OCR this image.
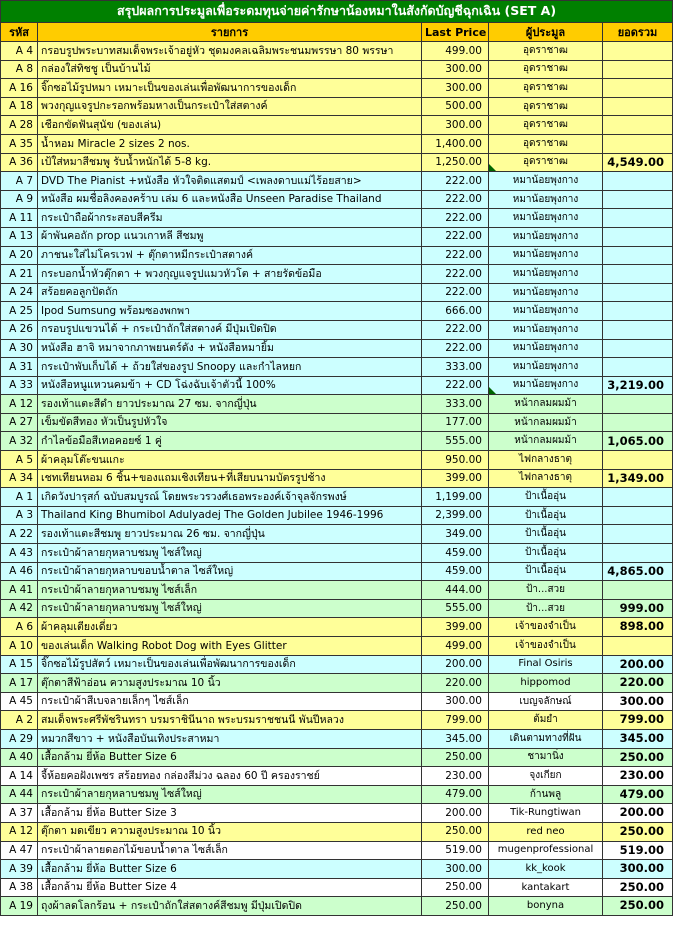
สรุปผลการประมูลเพื่อระดมทุนจ่ายค่ารักษาน้องหมาในสังกัดบัญชีฉุกเฉิน (SET A)				
รหัส	รายการ	Last Price	ผู้ประมูล	ยอดรวม
A 4	กรอบรูปพระบาทสมเด็จพระเจ้าอยู่หัว ชุดมงคลเฉลิมพระชนมพรรษา 80 พรรษา	499.00	อุดราชาฒ	
A 8	กล่องใส่ทิชชู เป็นบ้านไม้	300.00	อุดราชาฒ	
A 16	จิ๊กซอไม้รูปหมา เหมาะเป็นของเล่นเพื่อพัฒนาการของเด็ก	300.00	อุดราชาฒ	
A 18	พวงกุญแจรูปกะรอกพร้อมหางเป็นกระเป๋าใส่สตางค์	500.00	อุดราชาฒ	
A 28	เชือกขัดฟันสุนัข (ของเล่น)	300.00	อุดราชาฒ	
A 35	น้ำหอม Miracle 2 sizes 2 nos.	1,400.00	อุดราชาฒ	
A 36	เป้ใส่หมาสีชมพู รับน้ำหนักได้ 5-8 kg.	1,250.00	อุดราชาฒ	4,549.00
A 7	DVD The Pianist +หนังสือ หัวใจติดแสตมป์ <เพลงดาบแม่ไร้อยสาย>	222.00	หมาน้อยพุงกาง	
A 9	หนังสือ ผมชื่อลิงคองคร้าบ เล่ม 6 และหนังสือ Unseen Paradise Thailand	222.00	หมาน้อยพุงกาง	
A 11	กระเป๋าถือผ้ากระสอบสีครีม	222.00	หมาน้อยพุงกาง	
A 13	ผ้าพันคอถัก prop แนวเกาหลี สีชมพู	222.00	หมาน้อยพุงกาง	
A 20	ภาชนะใส่ไม่โครเวฟ + ตุ๊กตาหมีกระเป๋าสตางค์	222.00	หมาน้อยพุงกาง	
A 21	กระบอกน้ำหัวตุ๊กตา + พวงกุญแจรูปแมวหัวโต + สายรัดข้อมือ	222.00	หมาน้อยพุงกาง	
A 24	สร้อยคอลูกปัดถัก	222.00	หมาน้อยพุงกาง	
A 25	Ipod Sumsung พร้อมซองพกพา	666.00	หมาน้อยพุงกาง	
A 26	กรอบรูปแขวนได้ + กระเป๋าถักใส่สตางค์ มีปุ่มเปิดปิด	222.00	หมาน้อยพุงกาง	
A 30	หนังสือ ฮาจิ หมาจากภาพยนตร์ดัง + หนังสือหมายิ้ม	222.00	หมาน้อยพุงกาง	
A 31	กระเป๋าพับเก็บได้ + ถ้วยใส่ของรูป Snoopy และกำไลหยก	333.00	หมาน้อยพุงกาง	
A 33	หนังสือหนูแหวนคมข้า + CD โฉ่งฉับเจ้าตัวนี้ 100%	222.00	หมาน้อยพุงกาง	3,219.00
A 12	รองเท้าแตะสีดำ ยาวประมาณ 27 ซม. จากญี่ปุ่น	333.00	หน้ากลมผมม้า	
A 27	เข็มขัดสีทอง หัวเป็นรูปหัวใจ	177.00	หน้ากลมผมม้า	
A 32	กำไลข้อมือสีเทอคอยซ์ 1 คู่	555.00	หน้ากลมผมม้า	1,065.00
A 5	ผ้าคลุมโต๊ะขนแกะ	950.00	ไฟกลางธาตุ	
A 34	เชทเทียนหอม 6 ชิ้น+ของแถมเชิงเทียน+ที่เสียบนามบัตรรูปช้าง	399.00	ไฟกลางธาตุ	1,349.00
A 1	เกิดวังปารุสก์ ฉบับสมบูรณ์ โดยพระวรวงศ์เธอพระองค์เจ้าจุลจักรพงษ์	1,199.00	ป้าเนื้ออุ่น	
A 3	Thailand King Bhumibol Adulyadej The Golden Jubilee 1946-1996	2,399.00	ป้าเนื้ออุ่น	
A 22	รองเท้าแตะสีชมพู ยาวประมาณ 26 ซม. จากญี่ปุ่น	349.00	ป้าเนื้ออุ่น	
A 43	กระเป๋าผ้าลายกุหลาบชมพู ไซส์ใหญ่	459.00	ป้าเนื้ออุ่น	
A 46	กระเป๋าผ้าลายกุหลาบขอบน้ำตาล ไซส์ใหญ่	459.00	ป้าเนื้ออุ่น	4,865.00
A 41	กระเป๋าผ้าลายกุหลาบชมพู ไซส์เล็ก	444.00	ป้า...สวย	
A 42	กระเป๋าผ้าลายกุหลาบชมพู ไซส์ใหญ่	555.00	ป้า...สวย	999.00
A 6	ผ้าคลุมเตียงเดี่ยว	399.00	เจ้าของจำเป็น	898.00
A 10	ของเล่นเด็ก Walking Robot Dog with Eyes Glitter	499.00	เจ้าของจำเป็น	
A 15	จิ๊กซอไม้รูปสัตว์ เหมาะเป็นของเล่นเพื่อพัฒนาการของเด็ก	200.00	Final Osiris	200.00
A 17	ตุ๊กตาสีฟ้าอ่อน ความสูงประมาณ 10 นิ้ว	220.00	hippomod	220.00
A 45	กระเป๋าผ้าสีเบจลายเล็กๆ ไซส์เล็ก	300.00	เบญจลักษณ์	300.00
A 2	สมเด็จพระศรีพัชรินทรา บรมราชินีนาถ พระบรมราชชนนี พันปีหลวง	799.00	ต้มยำ	799.00
A 29	หมวกสีขาว + หนังสือบันเทิงประสาหมา	345.00	เดินตามทางที่ฝัน	345.00
A 40	เสื้อกล้าม ยี่ห้อ Butter Size 6	250.00	ชามานิ่ง	250.00
A 14	จี้ห้อยคอฝังเพชร สร้อยทอง กล่องสีม่วง ฉลอง 60 ปี ครองราชย์	230.00	จุงเกียก	230.00
A 44	กระเป๋าผ้าลายกุหลาบชมพู ไซส์ใหญ่	479.00	ก้านพลู	479.00
A 37	เสื้อกล้าม ยี่ห้อ Butter Size 3	200.00	Tik-Rungtiwan	200.00
A 12	ตุ๊กตา มดเขียว ความสูงประมาณ 10 นิ้ว	250.00	red neo	250.00
A 47	กระเป๋าผ้าลายดอกไม้ขอบน้ำตาล ไซส์เล็ก	519.00	mugenprofessional	519.00
A 39	เสื้อกล้าม ยี่ห้อ Butter Size 6	300.00	kk_kook	300.00
A 38	เสื้อกล้าม ยี่ห้อ Butter Size 4	250.00	kantakart	250.00
A 19	ถุงผ้าลดโลกร้อน + กระเป๋าถักใส่สตางค์สีชมพู มีปุ่มเปิดปิด	250.00	bonyna	250.00
